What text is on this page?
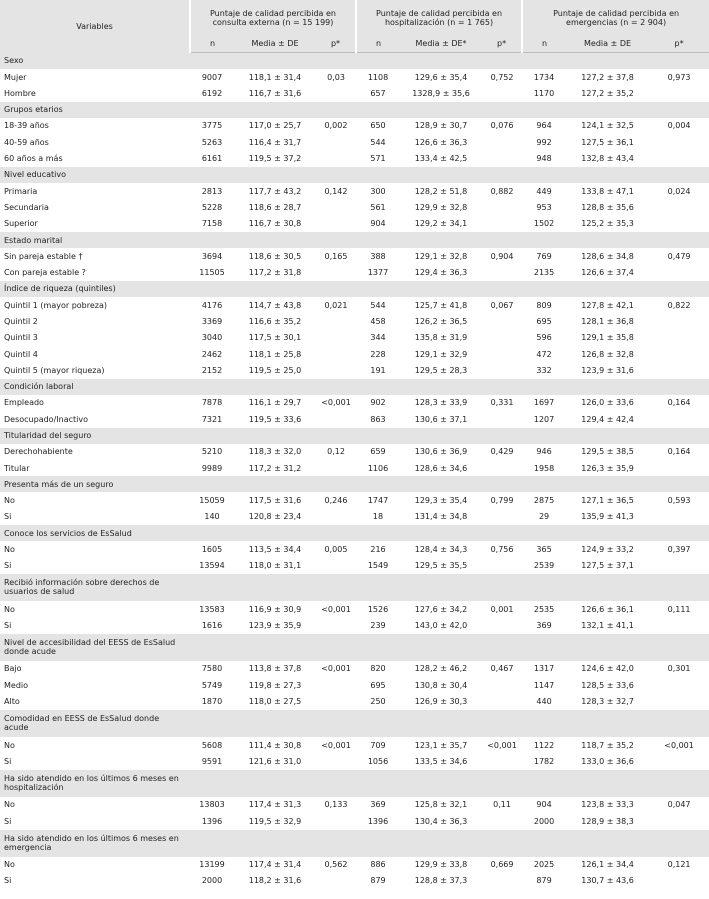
Variables	Puntaje de calidad percibida en consulta externa (n = 15 199)			Puntaje de calidad percibida en hospitalización (n = 1 765)			Puntaje de calidad percibida en emergencias (n = 2 904)		
	n	Media ± DE	p*	n	Media ± DE*	p*	n	Media ± DE	p*
Sexo									
Mujer	9007	118,1 ± 31,4	0,03	1108	129,6 ± 35,4	0,752	1734	127,2 ± 37,8	0,973
Hombre	6192	116,7 ± 31,6		657	1328,9 ± 35,6		1170	127,2 ± 35,2	
Grupos etarios									
18-39 años	3775	117,0 ± 25,7	0,002	650	128,9 ± 30,7	0,076	964	124,1 ± 32,5	0,004
40-59 años	5263	116,4 ± 31,7		544	126,6 ± 36,3		992	127,5 ± 36,1	
60 años a más	6161	119,5 ± 37,2		571	133,4 ± 42,5		948	132,8 ± 43,4	
Nivel educativo									
Primaria	2813	117,7 ± 43,2	0,142	300	128,2 ± 51,8	0,882	449	133,8 ± 47,1	0,024
Secundaria	5228	118,6 ± 28,7		561	129,9 ± 32,8		953	128,8 ± 35,6	
Superior	7158	116,7 ± 30,8		904	129,2 ± 34,1		1502	125,2 ± 35,3	
Estado marital									
Sin pareja estable †	3694	118,6 ± 30,5	0,165	388	129,1 ± 32,8	0,904	769	128,6 ± 34,8	0,479
Con pareja estable ?	11505	117,2 ± 31,8		1377	129,4 ± 36,3		2135	126,6 ± 37,4	
Índice de riqueza (quintiles)									
Quintil 1 (mayor pobreza)	4176	114,7 ± 43,8	0,021	544	125,7 ± 41,8	0,067	809	127,8 ± 42,1	0,822
Quintil 2	3369	116,6 ± 35,2		458	126,2 ± 36,5		695	128,1 ± 36,8	
Quintil 3	3040	117,5 ± 30,1		344	135,8 ± 31,9		596	129,1 ± 35,8	
Quintil 4	2462	118,1 ± 25,8		228	129,1 ± 32,9		472	126,8 ± 32,8	
Quintil 5 (mayor riqueza)	2152	119,5 ± 25,0		191	129,5 ± 28,3		332	123,9 ± 31,6	
Condición laboral									
Empleado	7878	116,1 ± 29,7	<0,001	902	128,3 ± 33,9	0,331	1697	126,0 ± 33,6	0,164
Desocupado/Inactivo	7321	119,5 ± 33,6		863	130,6 ± 37,1		1207	129,4 ± 42,4	
Titularidad del seguro									
Derechohabiente	5210	118,3 ± 32,0	0,12	659	130,6 ± 36,9	0,429	946	129,5 ± 38,5	0,164
Titular	9989	117,2 ± 31,2		1106	128,6 ± 34,6		1958	126,3 ± 35,9	
Presenta más de un seguro									
No	15059	117,5 ± 31,6	0,246	1747	129,3 ± 35,4	0,799	2875	127,1 ± 36,5	0,593
Si	140	120,8 ± 23,4		18	131,4 ± 34,8		29	135,9 ± 41,3	
Conoce los servicios de EsSalud									
No	1605	113,5 ± 34,4	0,005	216	128,4 ± 34,3	0,756	365	124,9 ± 33,2	0,397
Si	13594	118,0 ± 31,1		1549	129,5 ± 35,5		2539	127,5 ± 37,1	
Recibió información sobre derechos de usuarios de salud									
No	13583	116,9 ± 30,9	<0,001	1526	127,6 ± 34,2	0,001	2535	126,6 ± 36,1	0,111
Si	1616	123,9 ± 35,9		239	143,0 ± 42,0		369	132,1 ± 41,1	
Nivel de accesibilidad del EESS de EsSalud donde acude									
Bajo	7580	113,8 ± 37,8	<0,001	820	128,2 ± 46,2	0,467	1317	124,6 ± 42,0	0,301
Medio	5749	119,8 ± 27,3		695	130,8 ± 30,4		1147	128,5 ± 33,6	
Alto	1870	118,0 ± 27,5		250	126,9 ± 30,3		440	128,3 ± 32,7	
Comodidad en EESS de EsSalud donde acude									
No	5608	111,4 ± 30,8	<0,001	709	123,1 ± 35,7	<0,001	1122	118,7 ± 35,2	<0,001
Si	9591	121,6 ± 31,0		1056	133,5 ± 34,6		1782	133,0 ± 36,6	
Ha sido atendido en los últimos 6 meses en hospitalización									
No	13803	117,4 ± 31,3	0,133	369	125,8 ± 32,1	0,11	904	123,8 ± 33,3	0,047
Si	1396	119,5 ± 32,9		1396	130,4 ± 36,3		2000	128,9 ± 38,3	
Ha sido atendido en los últimos 6 meses en emergencia									
No	13199	117,4 ± 31,4	0,562	886	129,9 ± 33,8	0,669	2025	126,1 ± 34,4	0,121
Si	2000	118,2 ± 31,6		879	128,8 ± 37,3		879	130,7 ± 43,6	
